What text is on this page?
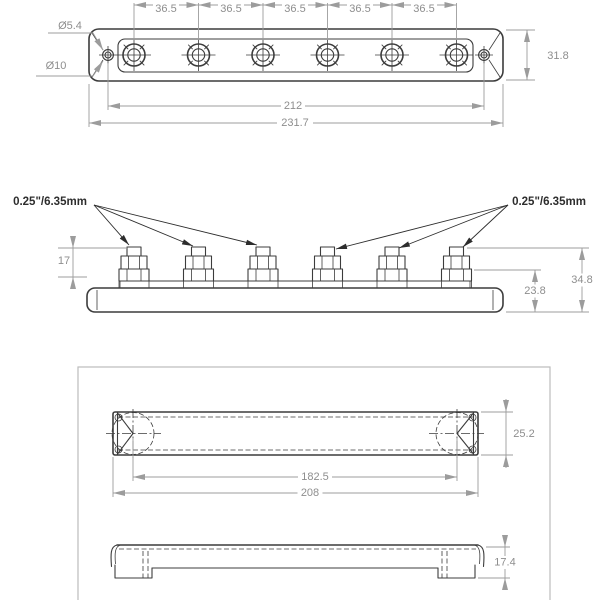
36.5	36.5	36.5	36.5	36.5
Ø5.4
Ø10
212
231.7
31.8
0.25"/6.35mm	0.25"/6.35mm
17
23.8
34.8
25.2
182.5
208
17.4
